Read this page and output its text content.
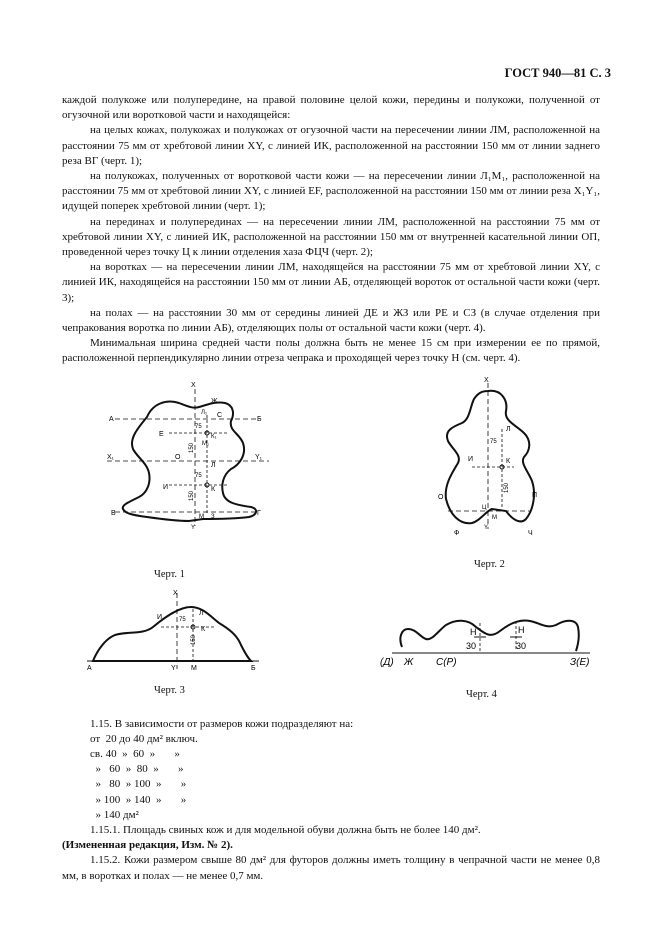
ГОСТ 940—81 С. 3

каждой полукоже или полупередине, на правой половине целой кожи, передины и полукожи, полученной от огузочной или вороткoвой части и находящейся:

на целых кожах, полукожах и полукожах от огузочной части на пересечении линии ЛМ, расположенной на расстоянии 75 мм от хребтовой линии XY, с линией ИК, расположенной на расстоянии 150 мм от линии заднего реза ВГ (черт. 1);

на полукожах, полученных от воротковой части кожи — на пересечении линии Л₁М₁, расположенной на расстоянии 75 мм от хребтовой линии XY, с линией EF, расположенной на расстоянии 150 мм от линии реза X₁Y₁, идущей поперек хребтовой линии (черт. 1);

на перединах и полуперединах — на пересечении линии ЛМ, расположенной на расстоянии 75 мм от хребтовой линии XY, с линией ИК, расположенной на расстоянии 150 мм от внутренней касательной линии ОП, проведенной через точку Ц к линии отделения хаза ФЦЧ (черт. 2);

на воротках — на пересечении линии ЛМ, находящейся на расстоянии 75 мм от хребтовой линии XY, с линией ИК, находящейся на расстоянии 150 мм от линии АБ, отделяющей вороток от остальной части кожи (черт. 3);

на полах — на расстоянии 30 мм от середины линией ДЕ и ЖЗ или РЕ и СЗ (в случае отделения при чепракования воротка по линии АБ), отделяющих полы от остальной части кожи (черт. 4).

Минимальная ширина средней части полы должна быть не менее 15 см при измерении ее по прямой, расположенной перпендикулярно линии отреза чепрака и проходящей через точку Н (см. черт. 4).

X
Ж
Л₁ С
А	Б
Е
75
К₁
М₁
150
X₁	О	Y₁
Л
75
И	К
150
В	М З	Г
Y
Черт. 1
X
Л
75
И	К
150
П
О
Ц
М
Y
Ф	Ч
Черт. 2
X
И	75
Л
150
К
А	Y М	Б
Черт. 3
Н	Н
30	30
(Д) Ж С(Р)	З(Е)
Черт. 4

1.15. В зависимости от размеров кожи подразделяют на:

от  20 до 40 дм² включ.
св. 40  »  60  »       »
»   60  »  80  »       »
»   80  » 100  »       »
» 100  » 140  »       »
» 140 дм²

1.15.1. Площадь свиных кож и для модельной обуви должна быть не более 140 дм².

(Измененная редакция, Изм. № 2).

1.15.2. Кожи размером свыше 80 дм² для футоров должны иметь толщину в чепрачной части не менее 0,8 мм, в воротках и полах — не менее 0,7 мм.
